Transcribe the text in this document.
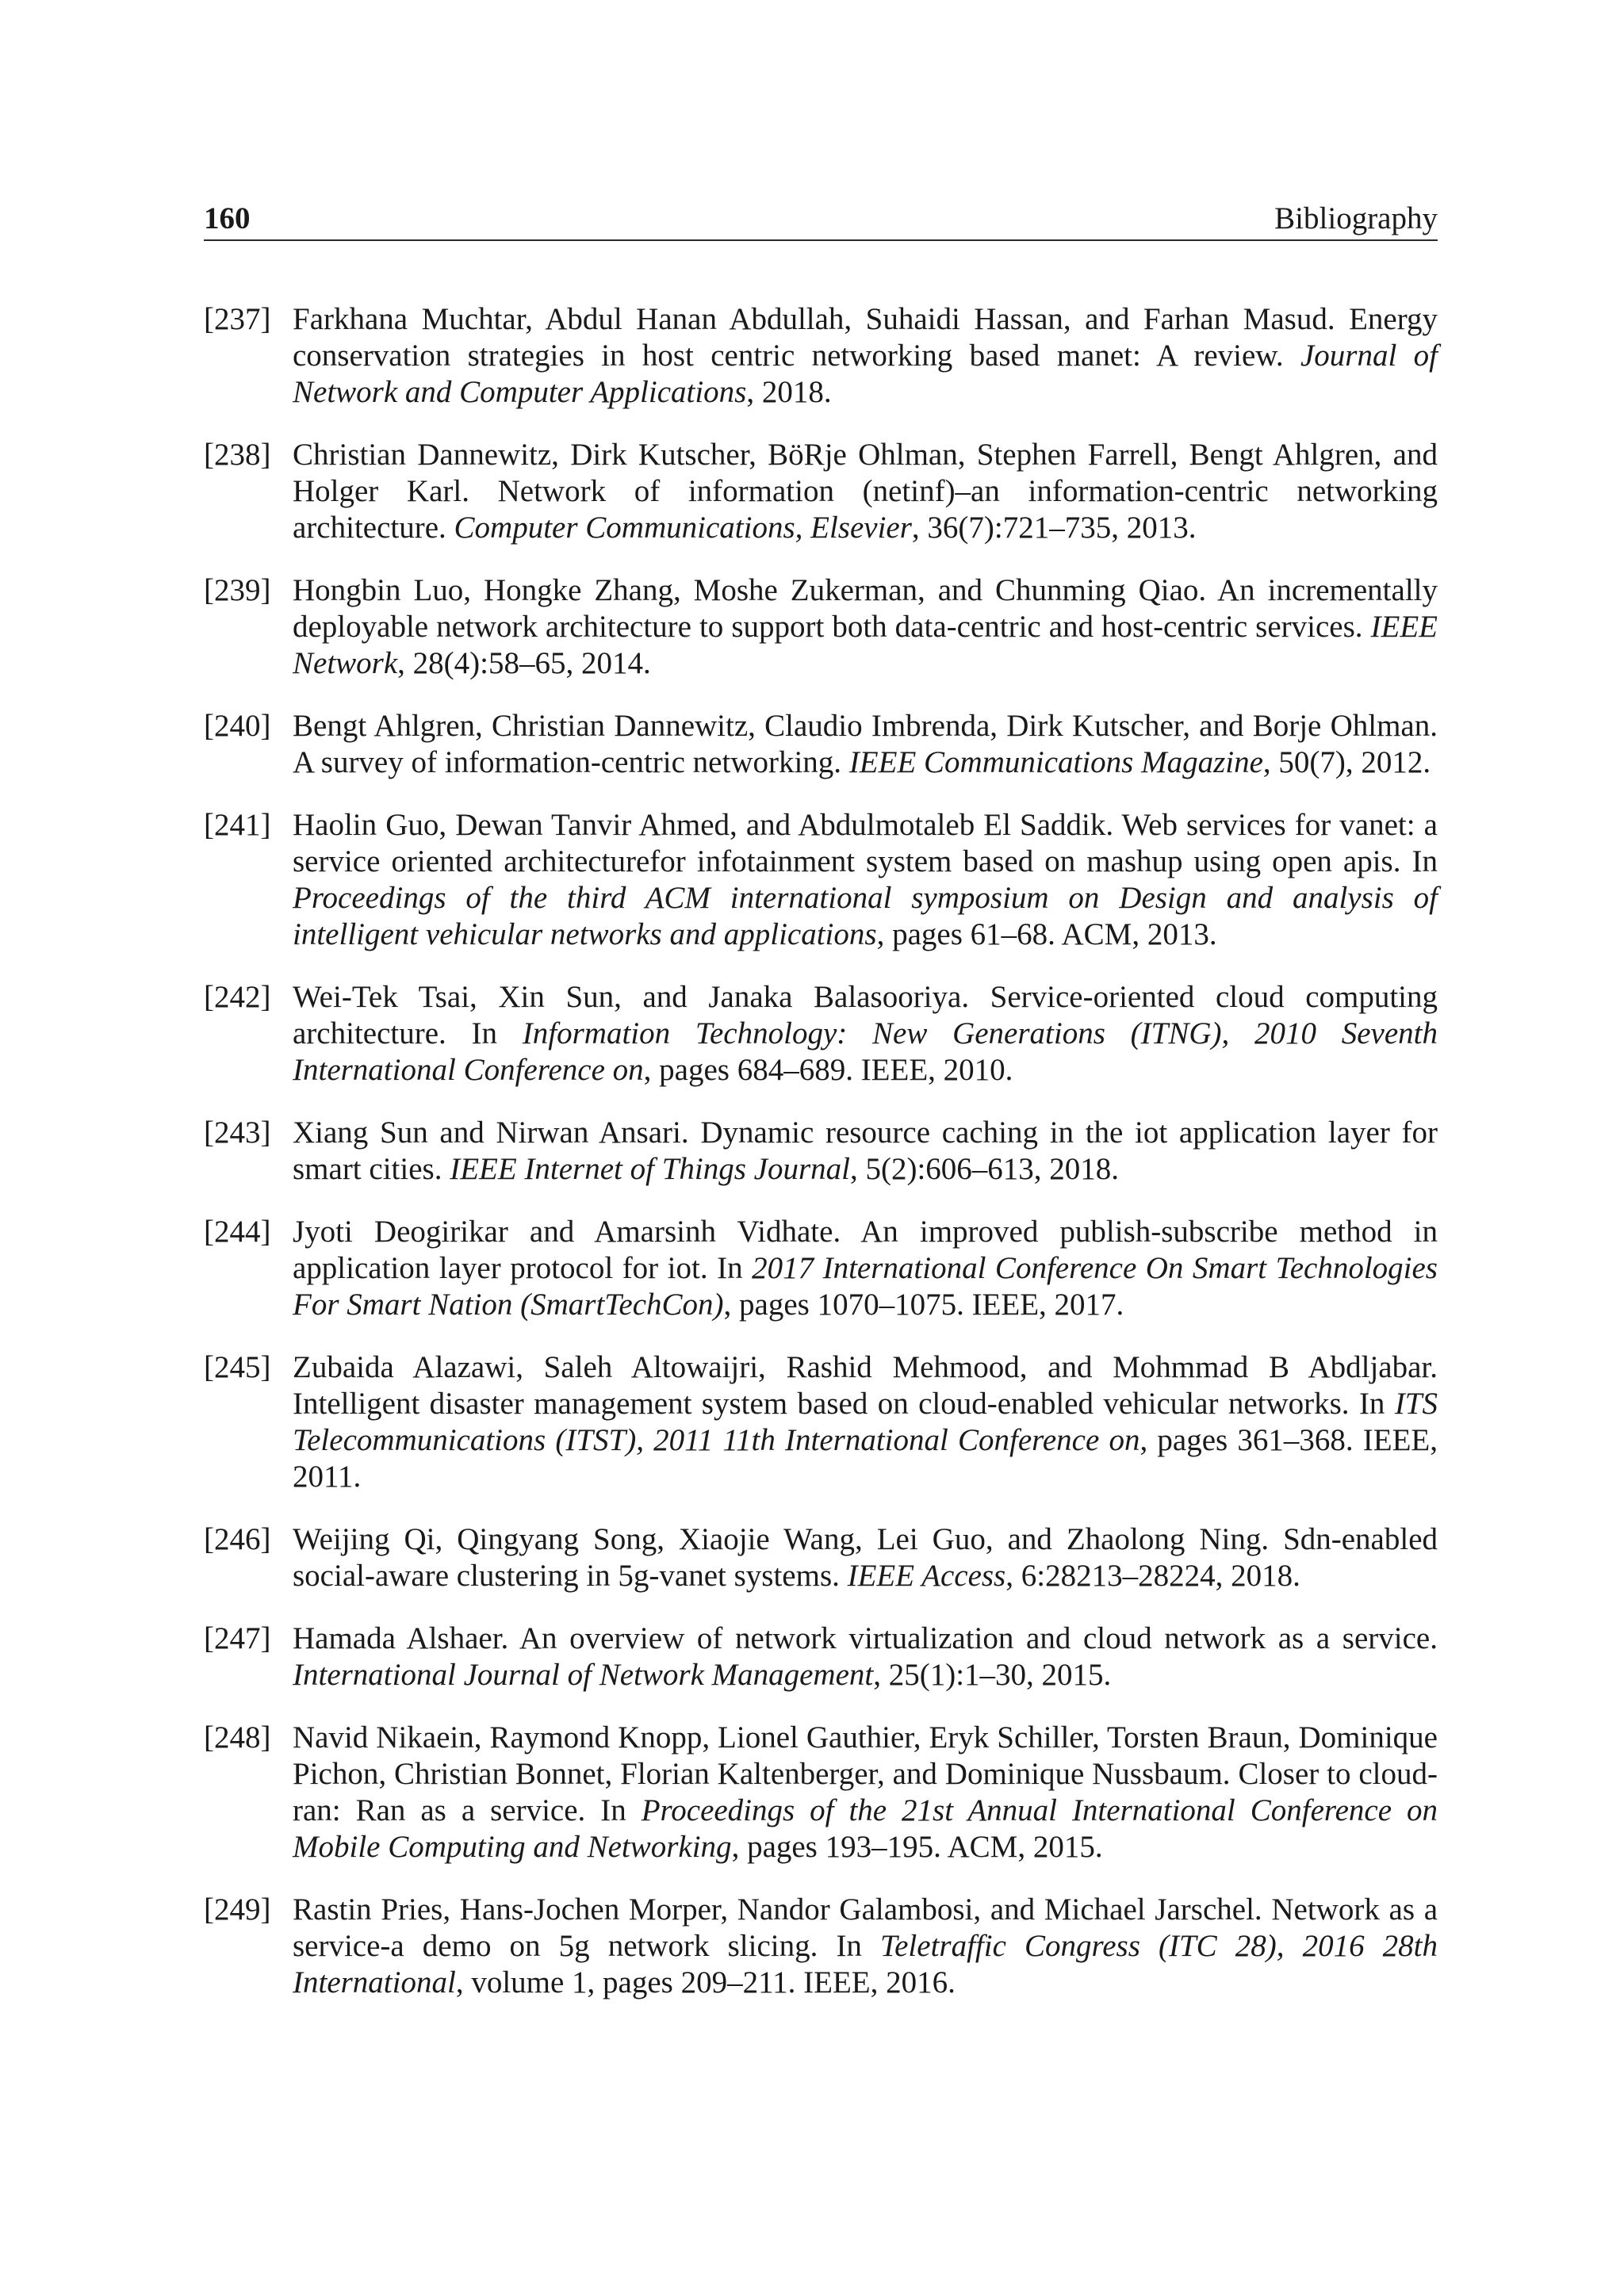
160	Bibliography
[237] Farkhana Muchtar, Abdul Hanan Abdullah, Suhaidi Hassan, and Farhan Masud. Energy conservation strategies in host centric networking based manet: A review. Journal of Network and Computer Applications, 2018.
[238] Christian Dannewitz, Dirk Kutscher, BöRje Ohlman, Stephen Farrell, Bengt Ahlgren, and Holger Karl. Network of information (netinf)–an information-centric networking architecture. Computer Communications, Elsevier, 36(7):721–735, 2013.
[239] Hongbin Luo, Hongke Zhang, Moshe Zukerman, and Chunming Qiao. An incrementally deployable network architecture to support both data-centric and host-centric services. IEEE Network, 28(4):58–65, 2014.
[240] Bengt Ahlgren, Christian Dannewitz, Claudio Imbrenda, Dirk Kutscher, and Borje Ohlman. A survey of information-centric networking. IEEE Communications Magazine, 50(7), 2012.
[241] Haolin Guo, Dewan Tanvir Ahmed, and Abdulmotaleb El Saddik. Web services for vanet: a service oriented architecturefor infotainment system based on mashup using open apis. In Proceedings of the third ACM international symposium on Design and analysis of intelligent vehicular networks and applications, pages 61–68. ACM, 2013.
[242] Wei-Tek Tsai, Xin Sun, and Janaka Balasooriya. Service-oriented cloud computing architecture. In Information Technology: New Generations (ITNG), 2010 Seventh International Conference on, pages 684–689. IEEE, 2010.
[243] Xiang Sun and Nirwan Ansari. Dynamic resource caching in the iot application layer for smart cities. IEEE Internet of Things Journal, 5(2):606–613, 2018.
[244] Jyoti Deogirikar and Amarsinh Vidhate. An improved publish-subscribe method in application layer protocol for iot. In 2017 International Conference On Smart Technologies For Smart Nation (SmartTechCon), pages 1070–1075. IEEE, 2017.
[245] Zubaida Alazawi, Saleh Altowaijri, Rashid Mehmood, and Mohmmad B Abdljabar. Intelligent disaster management system based on cloud-enabled vehicular networks. In ITS Telecommunications (ITST), 2011 11th International Conference on, pages 361–368. IEEE, 2011.
[246] Weijing Qi, Qingyang Song, Xiaojie Wang, Lei Guo, and Zhaolong Ning. Sdn-enabled social-aware clustering in 5g-vanet systems. IEEE Access, 6:28213–28224, 2018.
[247] Hamada Alshaer. An overview of network virtualization and cloud network as a service. International Journal of Network Management, 25(1):1–30, 2015.
[248] Navid Nikaein, Raymond Knopp, Lionel Gauthier, Eryk Schiller, Torsten Braun, Dominique Pichon, Christian Bonnet, Florian Kaltenberger, and Dominique Nussbaum. Closer to cloud-ran: Ran as a service. In Proceedings of the 21st Annual International Conference on Mobile Computing and Networking, pages 193–195. ACM, 2015.
[249] Rastin Pries, Hans-Jochen Morper, Nandor Galambosi, and Michael Jarschel. Network as a service-a demo on 5g network slicing. In Teletraffic Congress (ITC 28), 2016 28th International, volume 1, pages 209–211. IEEE, 2016.
